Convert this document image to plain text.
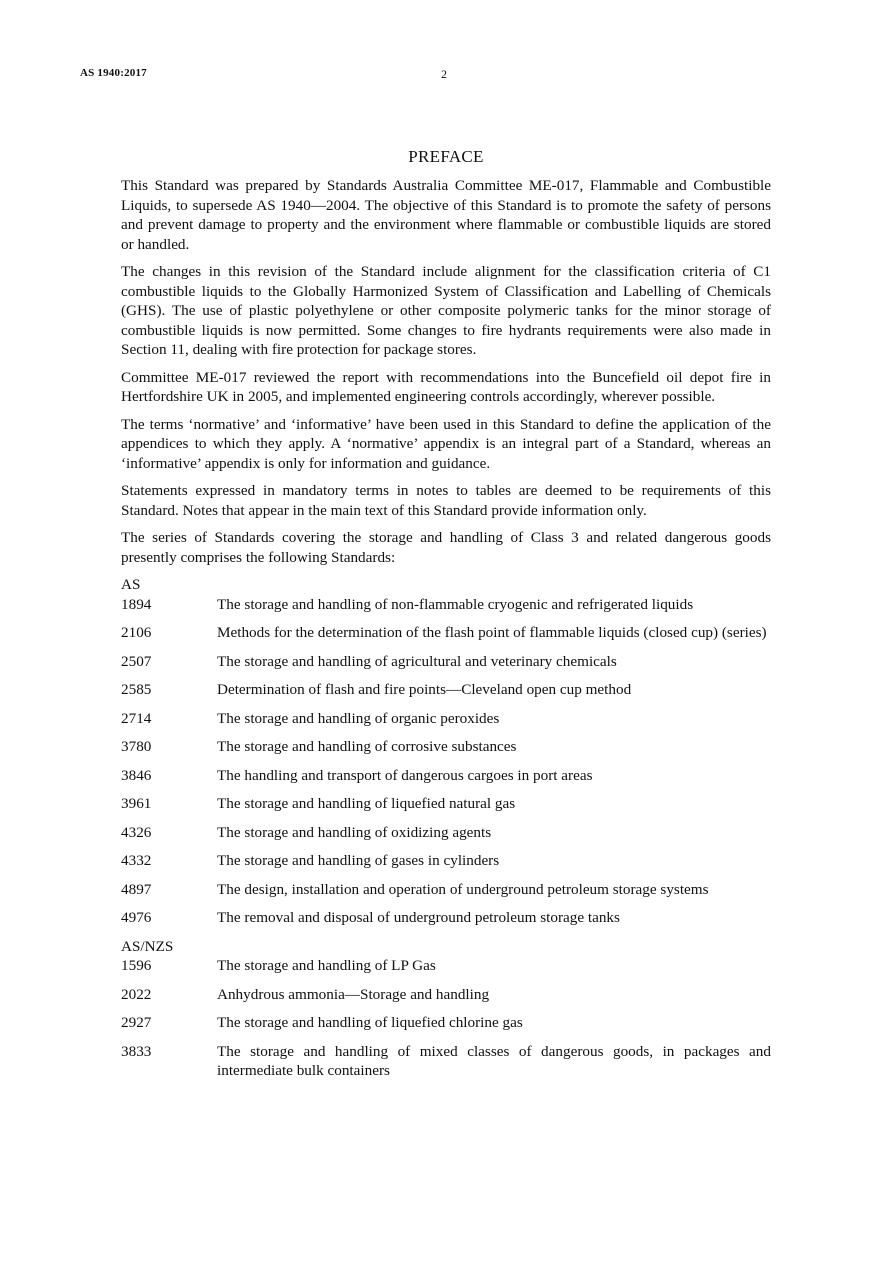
AS 1940:2017	2
PREFACE

This Standard was prepared by Standards Australia Committee ME-017, Flammable and Combustible Liquids, to supersede AS 1940—2004. The objective of this Standard is to promote the safety of persons and prevent damage to property and the environment where flammable or combustible liquids are stored or handled.

The changes in this revision of the Standard include alignment for the classification criteria of C1 combustible liquids to the Globally Harmonized System of Classification and Labelling of Chemicals (GHS). The use of plastic polyethylene or other composite polymeric tanks for the minor storage of combustible liquids is now permitted. Some changes to fire hydrants requirements were also made in Section 11, dealing with fire protection for package stores.

Committee ME-017 reviewed the report with recommendations into the Buncefield oil depot fire in Hertfordshire UK in 2005, and implemented engineering controls accordingly, wherever possible.

The terms ‘normative’ and ‘informative’ have been used in this Standard to define the application of the appendices to which they apply. A ‘normative’ appendix is an integral part of a Standard, whereas an ‘informative’ appendix is only for information and guidance.

Statements expressed in mandatory terms in notes to tables are deemed to be requirements of this Standard. Notes that appear in the main text of this Standard provide information only.

The series of Standards covering the storage and handling of Class 3 and related dangerous goods presently comprises the following Standards:

AS
1894	The storage and handling of non-flammable cryogenic and refrigerated liquids
2106	Methods for the determination of the flash point of flammable liquids (closed cup) (series)
2507	The storage and handling of agricultural and veterinary chemicals
2585	Determination of flash and fire points—Cleveland open cup method
2714	The storage and handling of organic peroxides
3780	The storage and handling of corrosive substances
3846	The handling and transport of dangerous cargoes in port areas
3961	The storage and handling of liquefied natural gas
4326	The storage and handling of oxidizing agents
4332	The storage and handling of gases in cylinders
4897	The design, installation and operation of underground petroleum storage systems
4976	The removal and disposal of underground petroleum storage tanks
AS/NZS
1596	The storage and handling of LP Gas
2022	Anhydrous ammonia—Storage and handling
2927	The storage and handling of liquefied chlorine gas
3833	The storage and handling of mixed classes of dangerous goods, in packages and intermediate bulk containers
